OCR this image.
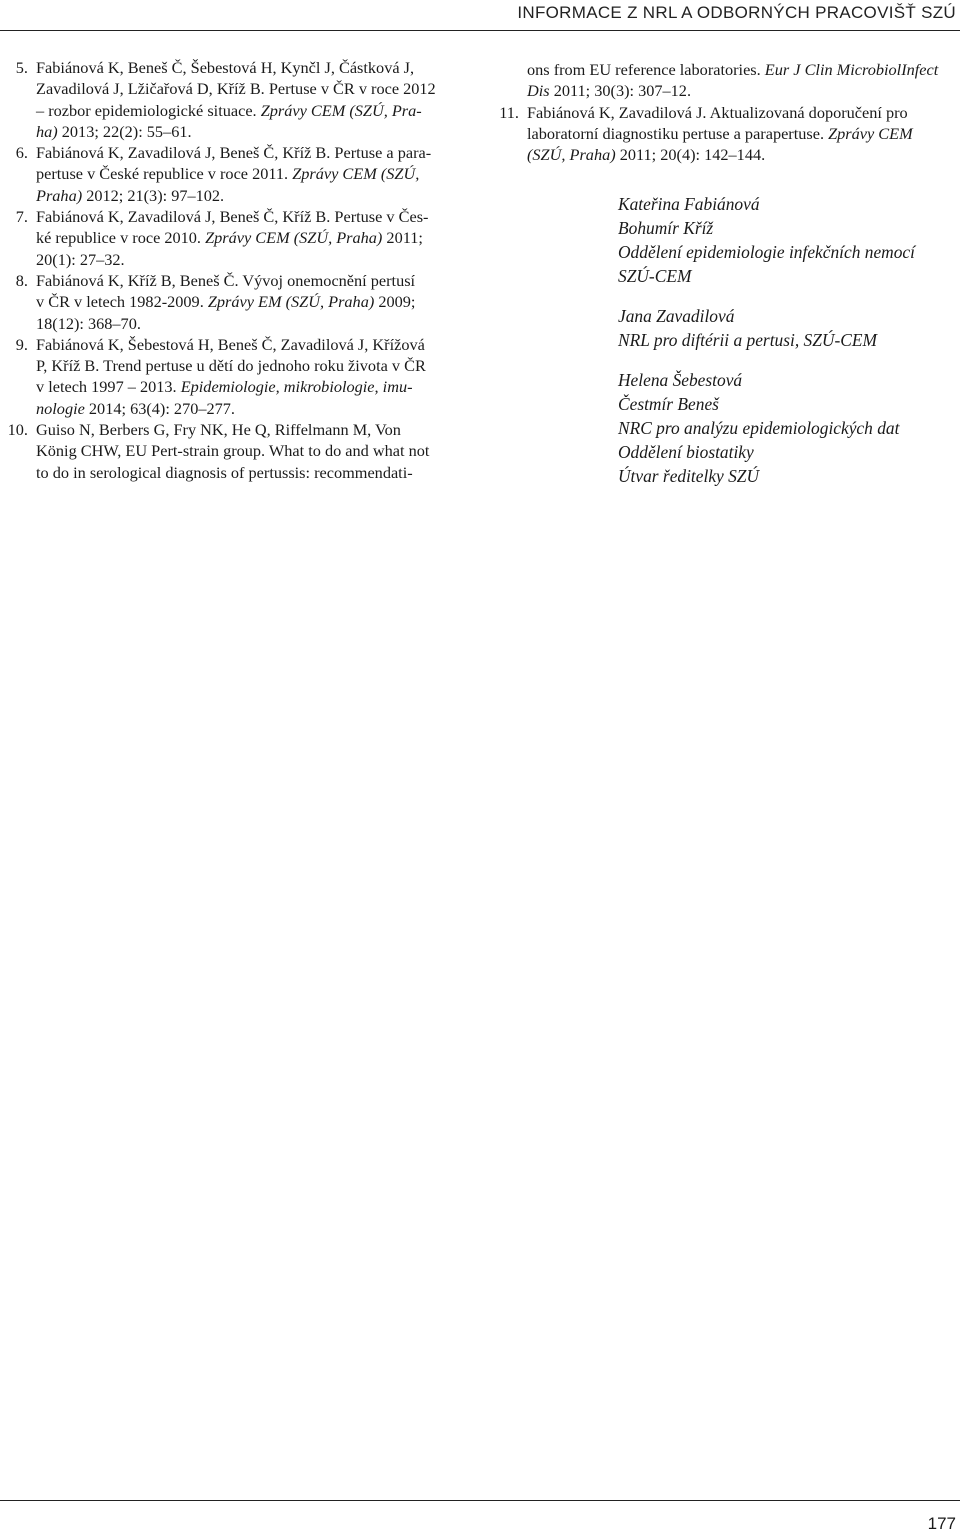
INFORMACE Z NRL A ODBORNÝCH PRACOVIŠŤ SZÚ
5. Fabiánová K, Beneš Č, Šebestová H, Kynčl J, Částková J,
Zavadilová J, Lžičařová D, Kříž B. Pertuse v ČR v roce 2012
– rozbor epidemiologické situace. Zprávy CEM (SZÚ, Pra-
ha) 2013; 22(2): 55–61.
6. Fabiánová K, Zavadilová J, Beneš Č, Kříž B. Pertuse a para-
pertuse v České republice v roce 2011. Zprávy CEM (SZÚ,
Praha) 2012; 21(3): 97–102.
7. Fabiánová K, Zavadilová J, Beneš Č, Kříž B. Pertuse v Čes-
ké republice v roce 2010. Zprávy CEM (SZÚ, Praha) 2011;
20(1): 27–32.
8. Fabiánová K, Kříž B, Beneš Č. Vývoj onemocnění pertusí
v ČR v letech 1982-2009. Zprávy EM (SZÚ, Praha) 2009;
18(12): 368–70.
9. Fabiánová K, Šebestová H, Beneš Č, Zavadilová J, Křížová
P, Kříž B. Trend pertuse u dětí do jednoho roku života v ČR
v letech 1997 – 2013. Epidemiologie, mikrobiologie, imu-
nologie 2014; 63(4): 270–277.
10. Guiso N, Berbers G, Fry NK, He Q, Riffelmann M, Von
König CHW, EU Pert-strain group. What to do and what not
to do in serological diagnosis of pertussis: recommendati-
ons from EU reference laboratories. Eur J Clin MicrobiolInfect Dis 2011; 30(3): 307–12.
11. Fabiánová K, Zavadilová J. Aktualizovaná doporučení pro
laboratorní diagnostiku pertuse a parapertuse. Zprávy CEM
(SZÚ, Praha) 2011; 20(4): 142–144.
Kateřina Fabiánová
Bohumír Kříž
Oddělení epidemiologie infekčních nemocí
SZÚ-CEM
Jana Zavadilová
NRL pro diftérii a pertusi, SZÚ-CEM
Helena Šebestová
Čestmír Beneš
NRC pro analýzu epidemiologických dat
Oddělení biostatiky
Útvar ředitelky SZÚ
177
